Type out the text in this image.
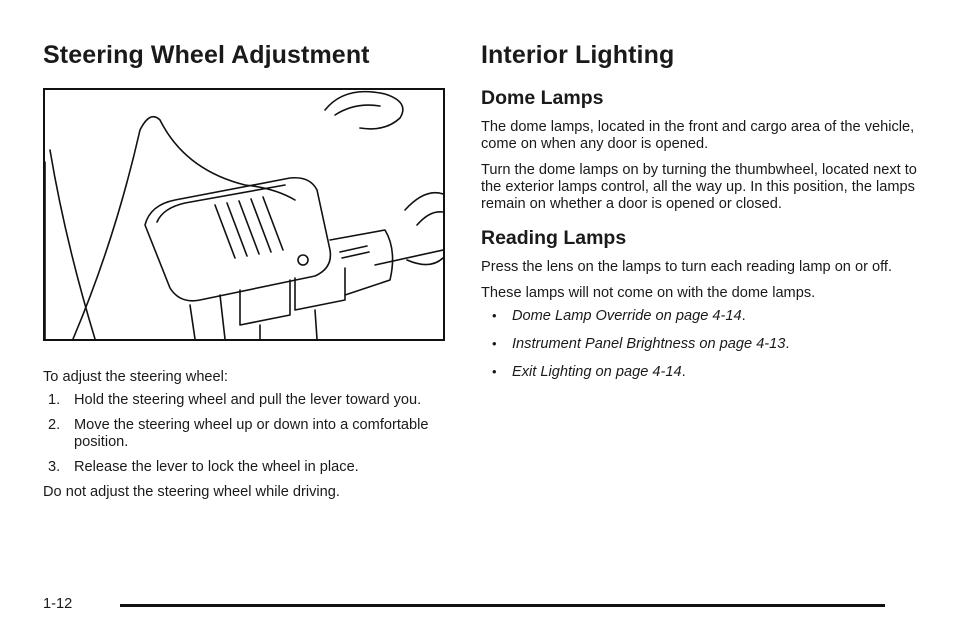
Steering Wheel Adjustment

To adjust the steering wheel:

1. Hold the steering wheel and pull the lever toward you.
2. Move the steering wheel up or down into a comfortable position.
3. Release the lever to lock the wheel in place.

Do not adjust the steering wheel while driving.

Interior Lighting
Dome Lamps

The dome lamps, located in the front and cargo area of the vehicle, come on when any door is opened.

Turn the dome lamps on by turning the thumbwheel, located next to the exterior lamps control, all the way up. In this position, the lamps remain on whether a door is opened or closed.

Reading Lamps

Press the lens on the lamps to turn each reading lamp on or off.

These lamps will not come on with the dome lamps.

• Dome Lamp Override on page 4-14.
• Instrument Panel Brightness on page 4-13.
• Exit Lighting on page 4-14.
1-12
